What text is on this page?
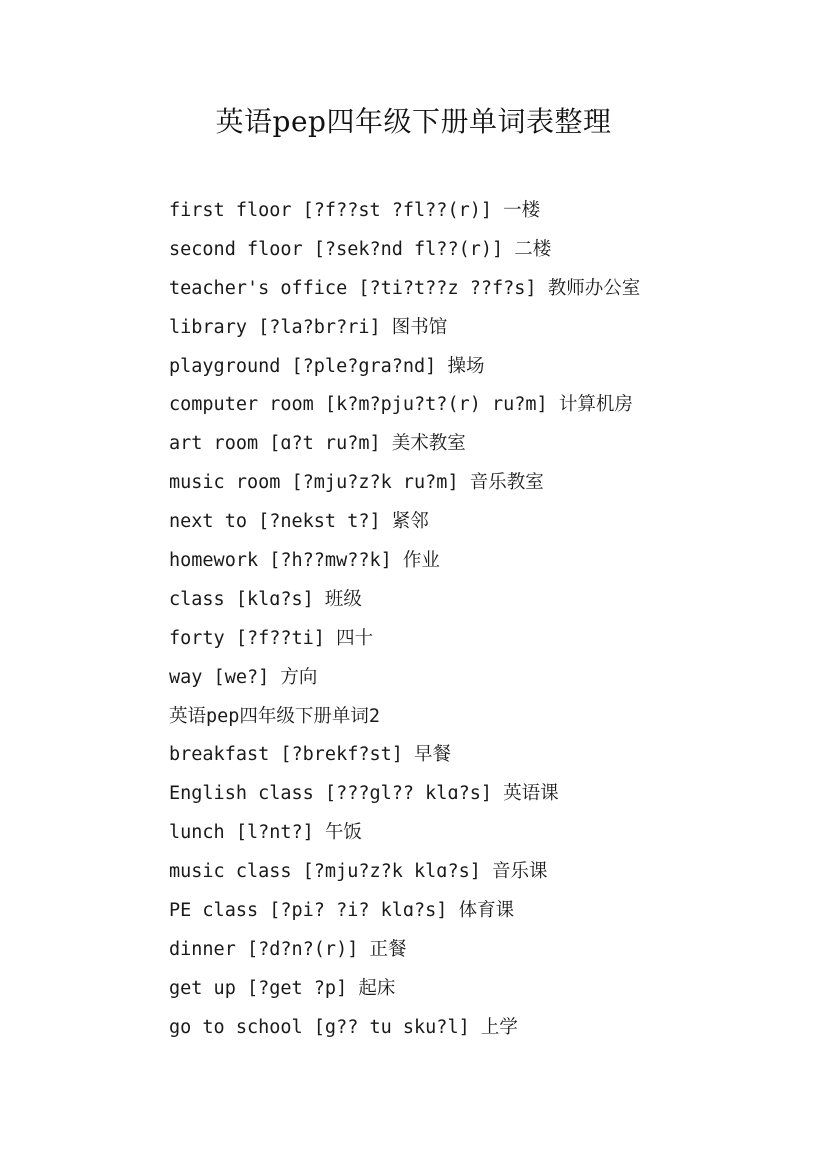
英语pep四年级下册单词表整理
first floor [?f??st ?fl??(r)] 一楼
second floor [?sek?nd fl??(r)] 二楼
teacher's office [?ti?t??z ??f?s] 教师办公室
library [?la?br?ri] 图书馆
playground [?ple?gra?nd] 操场
computer room [k?m?pju?t?(r) ru?m] 计算机房
art room [ɑ?t ru?m] 美术教室
music room [?mju?z?k ru?m] 音乐教室
next to [?nekst t?] 紧邻
homework [?h??mw??k] 作业
class [klɑ?s] 班级
forty [?f??ti] 四十
way [we?] 方向
英语pep四年级下册单词2
breakfast [?brekf?st] 早餐
English class [???gl?? klɑ?s] 英语课
lunch [l?nt?] 午饭
music class [?mju?z?k klɑ?s] 音乐课
PE class [?pi? ?i? klɑ?s] 体育课
dinner [?d?n?(r)] 正餐
get up [?get ?p] 起床
go to school [g?? tu sku?l] 上学
